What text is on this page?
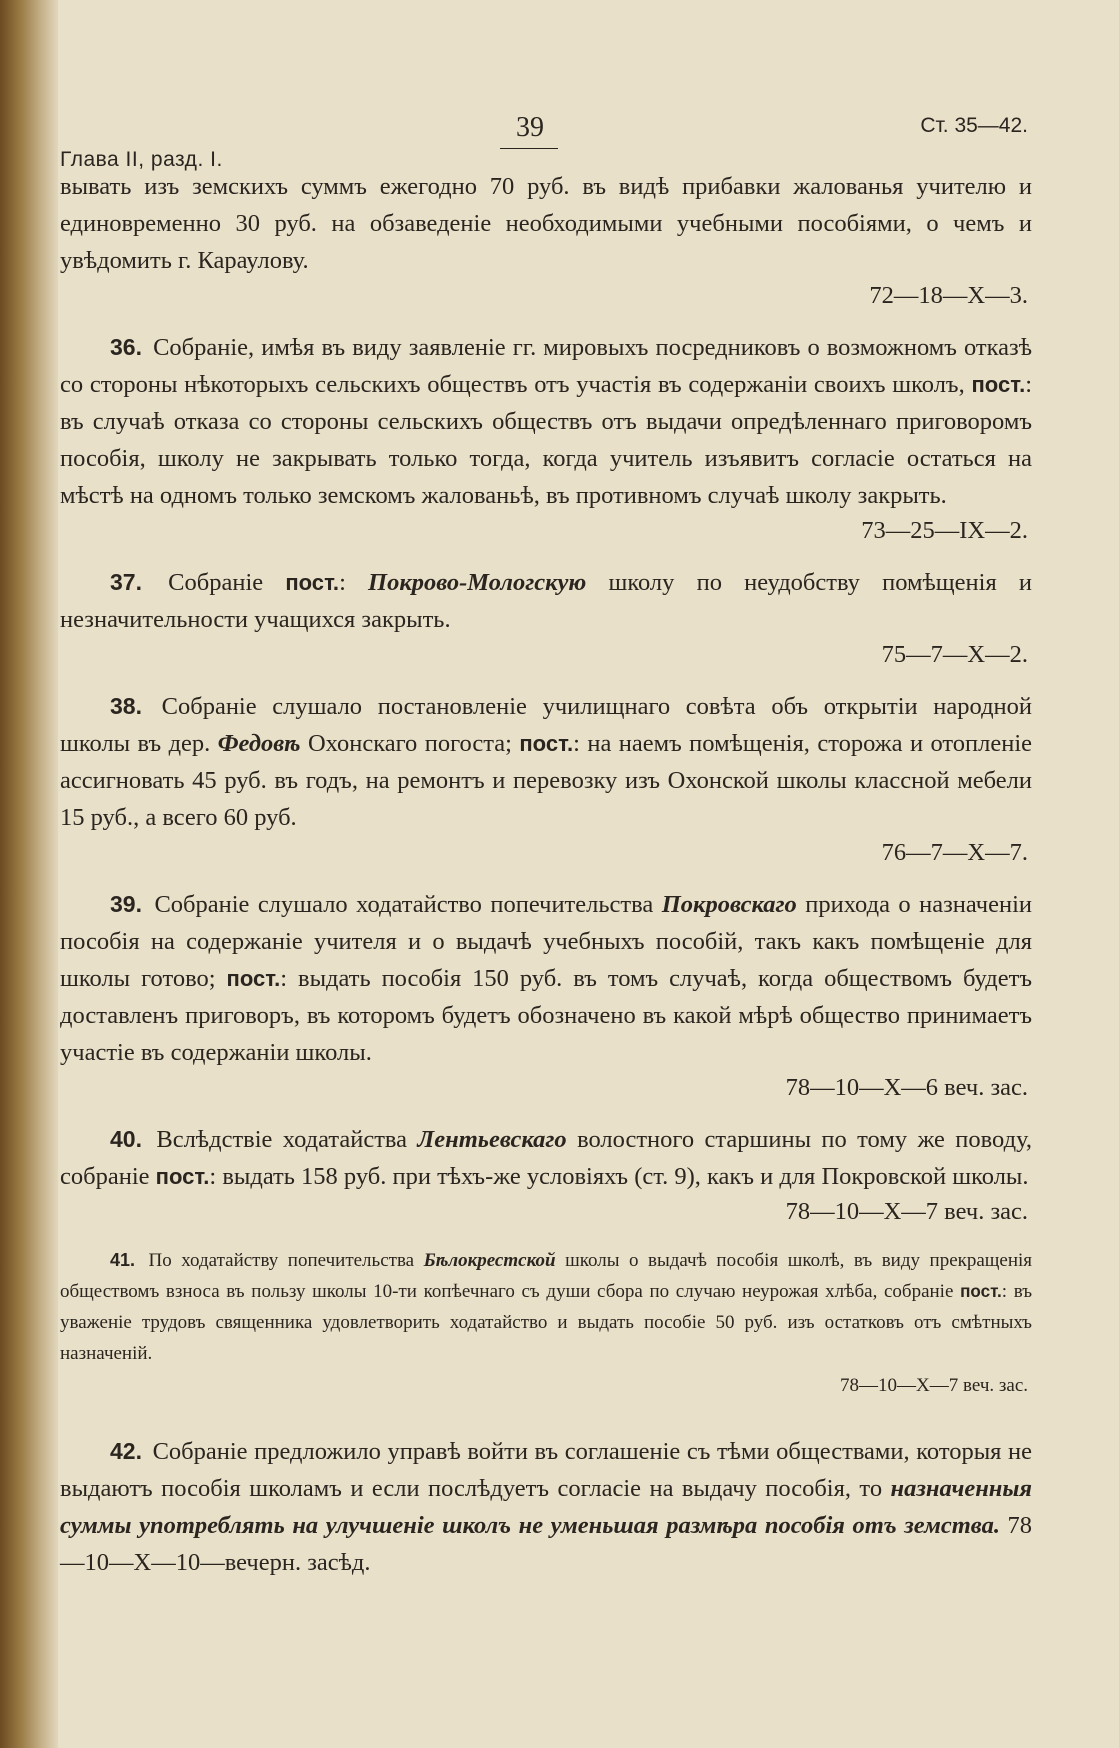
Глава II, разд. I.
39	Ст. 35—42.

вывать изъ земскихъ суммъ ежегодно 70 руб. въ видѣ прибавки жалованья учителю и единовременно 30 руб. на обзаведеніе необходимыми учебными пособіями, о чемъ и увѣдомить г. Караулову.
72—18—X—3.

36. Собраніе, имѣя въ виду заявленіе гг. мировыхъ посредниковъ о возможномъ отказѣ со стороны нѣкоторыхъ сельскихъ обществъ отъ участія въ содержаніи своихъ школъ, пост.: въ случаѣ отказа со стороны сельскихъ обществъ отъ выдачи опредѣленнаго приговоромъ пособія, школу не закрывать только тогда, когда учитель изъявитъ согласіе остаться на мѣстѣ на одномъ только земскомъ жалованьѣ, въ противномъ случаѣ школу закрыть.
73—25—IX—2.

37. Собраніе пост.: Покрово-Мологскую школу по неудобству помѣщенія и незначительности учащихся закрыть.
75—7—X—2.

38. Собраніе слушало постановленіе училищнаго совѣта объ открытіи народной школы въ дер. Федовѣ Охонскаго погоста; пост.: на наемъ помѣщенія, сторожа и отопленіе ассигновать 45 руб. въ годъ, на ремонтъ и перевозку изъ Охонской школы классной мебели 15 руб., а всего 60 руб.
76—7—X—7.

39. Собраніе слушало ходатайство попечительства Покровскаго прихода о назначеніи пособія на содержаніе учителя и о выдачѣ учебныхъ пособій, такъ какъ помѣщеніе для школы готово; пост.: выдать пособія 150 руб. въ томъ случаѣ, когда обществомъ будетъ доставленъ приговоръ, въ которомъ будетъ обозначено въ какой мѣрѣ общество принимаетъ участіе въ содержаніи школы.
78—10—X—6 веч. зас.

40. Вслѣдствіе ходатайства Лентьевскаго волостного старшины по тому же поводу, собраніе пост.: выдать 158 руб. при тѣхъ-же условіяхъ (ст. 9), какъ и для Покровской школы.
78—10—X—7 веч. зас.

41. По ходатайству попечительства Бѣлокрестской школы о выдачѣ пособія школѣ, въ виду прекращенія обществомъ взноса въ пользу школы 10-ти копѣечнаго съ души сбора по случаю неурожая хлѣба, собраніе пост.: въ уваженіе трудовъ священника удовлетворить ходатайство и выдать пособіе 50 руб. изъ остатковъ отъ смѣтныхъ назначеній.
78—10—X—7 веч. зас.

42. Собраніе предложило управѣ войти въ соглашеніе съ тѣми обществами, которыя не выдаютъ пособія школамъ и если послѣдуетъ согласіе на выдачу пособія, то назначенныя суммы употреблять на улучшеніе школъ не уменьшая размѣра пособія отъ земства. 78—10—X—10—вечерн. засѣд.
